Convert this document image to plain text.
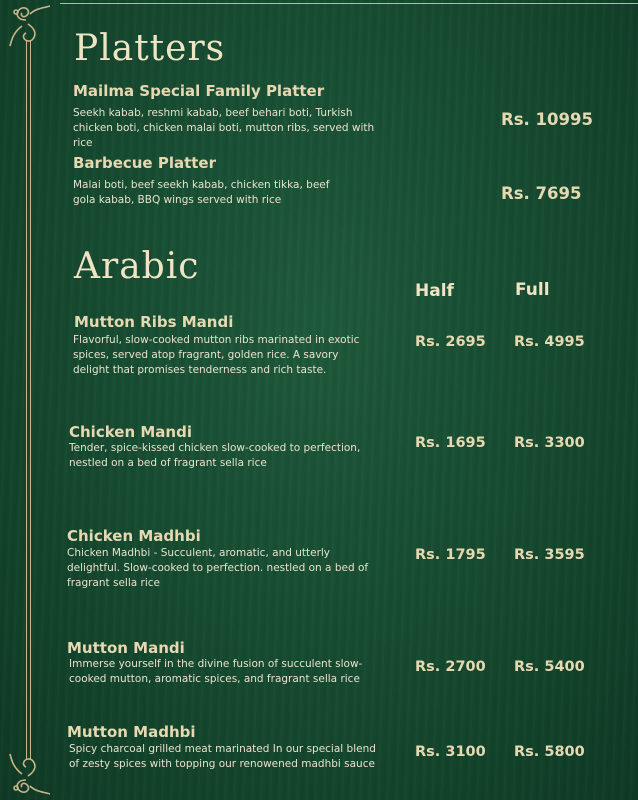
Platters
Mailma Special Family Platter
Seekh kabab, reshmi kabab, beef behari boti, Turkish chicken boti, chicken malai boti, mutton ribs, served with rice
Rs. 10995
Barbecue Platter
Malai boti, beef seekh kabab, chicken tikka, beef gola kabab, BBQ wings served with rice	Rs. 7695
Arabic
Half	Full
Mutton Ribs Mandi
Flavorful, slow-cooked mutton ribs marinated in exotic spices, served atop fragrant, golden rice. A savory delight that promises tenderness and rich taste.
Rs. 2695 Rs. 4995
Chicken Mandi
Tender, spice-kissed chicken slow-cooked to perfection, nestled on a bed of fragrant sella rice
Rs. 1695 Rs. 3300
Chicken Madhbi
Chicken Madhbi - Succulent, aromatic, and utterly delightful. Slow-cooked to perfection. nestled on a bed of fragrant sella rice
Rs. 1795 Rs. 3595
Mutton Mandi
Immerse yourself in the divine fusion of succulent slow-cooked mutton, aromatic spices, and fragrant sella rice
Rs. 2700 Rs. 5400
Mutton Madhbi
Spicy charcoal grilled meat marinated In our special blend of zesty spices with topping our renowened madhbi sauce
Rs. 3100 Rs. 5800
